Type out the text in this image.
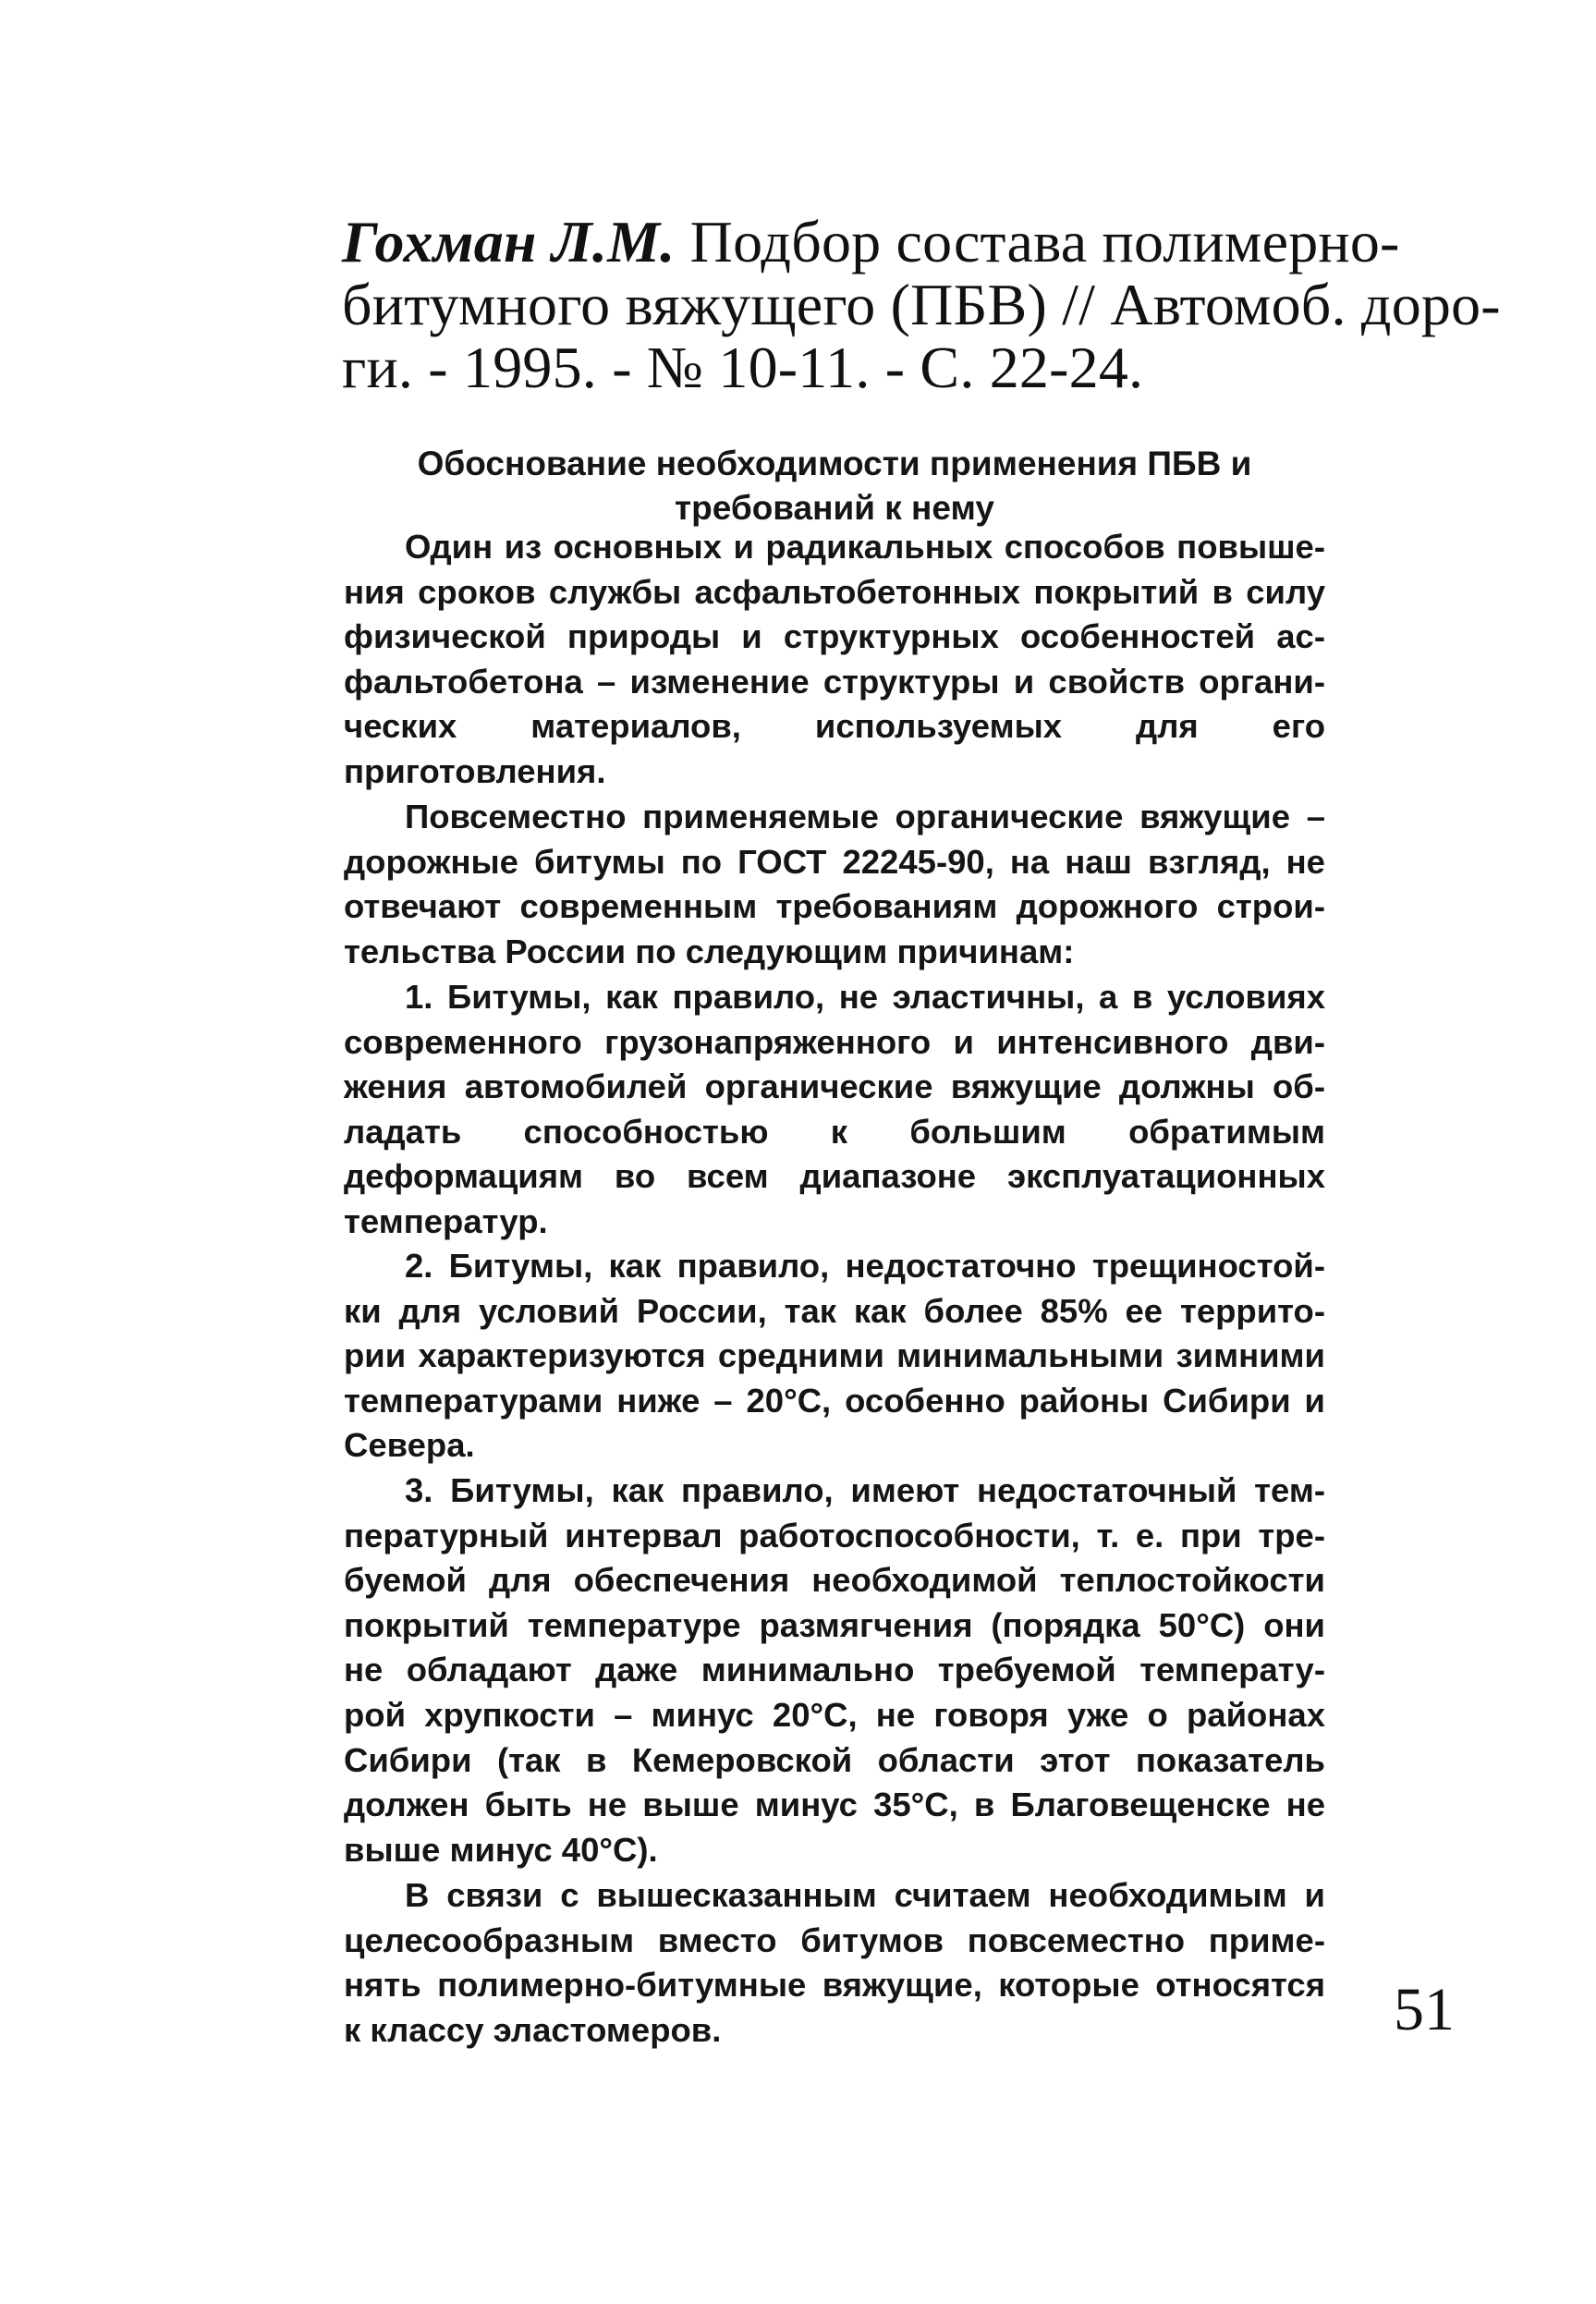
Гохман Л.М. Подбор состава полимерно-
битумного вяжущего (ПБВ) // Автомоб. доро-
ги. - 1995. - № 10-11. - С. 22-24.
Обоснование необходимости применения ПБВ и
требований к нему
Один из основных и радикальных способов повыше-
ния сроков службы асфальтобетонных покрытий в силу
физической природы и структурных особенностей ас-
фальтобетона – изменение структуры и свойств органи-
ческих материалов, используемых для его
приготовления.
Повсеместно применяемые органические вяжущие –
дорожные битумы по ГОСТ 22245-90, на наш взгляд, не
отвечают современным требованиям дорожного строи-
тельства России по следующим причинам:
1. Битумы, как правило, не эластичны, а в условиях
современного грузонапряженного и интенсивного дви-
жения автомобилей органические вяжущие должны об-
ладать способностью к большим обратимым
деформациям во всем диапазоне эксплуатационных
температур.
2. Битумы, как правило, недостаточно трещиностой-
ки для условий России, так как более 85% ее террито-
рии характеризуются средними минимальными зимними
температурами ниже – 20°С, особенно районы Сибири и
Севера.
3. Битумы, как правило, имеют недостаточный тем-
пературный интервал работоспособности, т. е. при тре-
буемой для обеспечения необходимой теплостойкости
покрытий температуре размягчения (порядка 50°С) они
не обладают даже минимально требуемой температу-
рой хрупкости – минус 20°С, не говоря уже о районах
Сибири (так в Кемеровской области этот показатель
должен быть не выше минус 35°С, в Благовещенске не
выше минус 40°С).
В связи с вышесказанным считаем необходимым и
целесообразным вместо битумов повсеместно приме-
нять полимерно-битумные вяжущие, которые относятся
к классу эластомеров.	51
